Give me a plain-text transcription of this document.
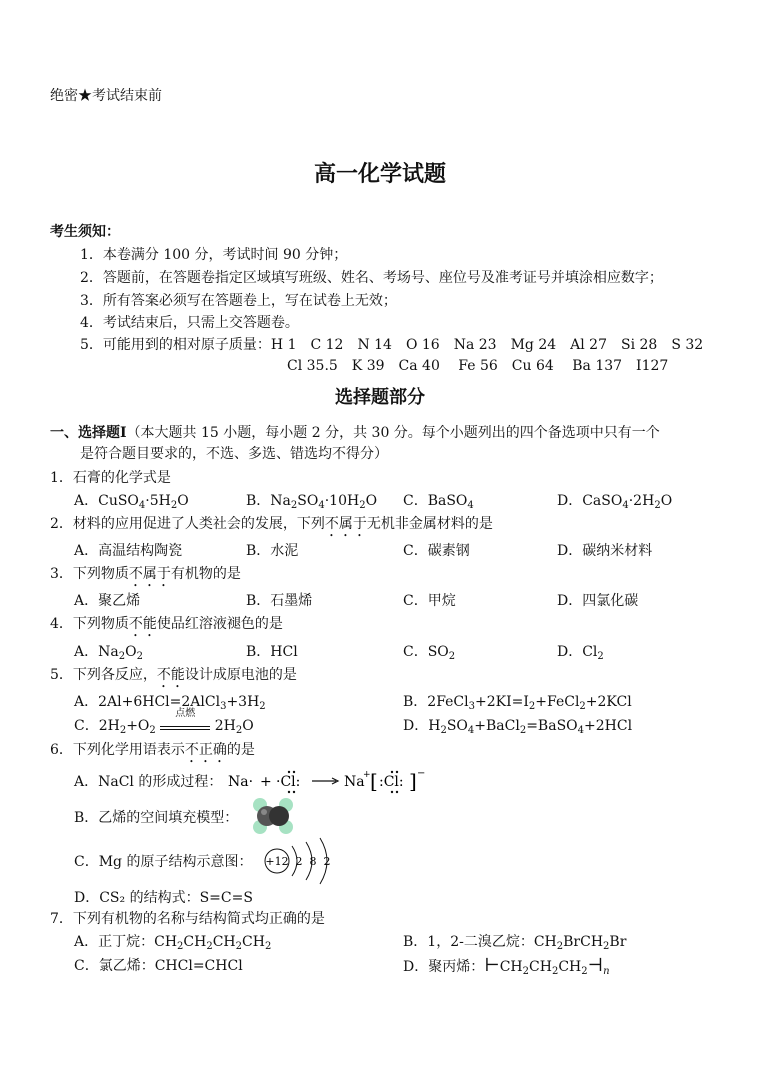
绝密★考试结束前
高一化学试题
考生须知：
1．本卷满分 100 分，考试时间 90 分钟；
2．答题前，在答题卷指定区域填写班级、姓名、考场号、座位号及准考证号并填涂相应数字；
3．所有答案必须写在答题卷上，写在试卷上无效；
4．考试结束后，只需上交答题卷。
5．可能用到的相对原子质量：H 1　C 12　N 14　O 16　Na 23　Mg 24　Al 27　Si 28　S 32
Cl 35.5　K 39　Ca 40　 Fe 56　Cu 64　 Ba 137　I127
选择题部分
一、选择题Ⅰ（本大题共 15 小题，每小题 2 分，共 30 分。每个小题列出的四个备选项中只有一个
是符合题目要求的，不选、多选、错选均不得分）
1．石膏的化学式是
A．$CuSO_4\cdot 5H_2O$	B．$Na_2SO_4\cdot 10H_2O$ C．BaSO$_4$	D．$CaSO_4\cdot 2H_2O$
2．材料的应用促进了人类社会的发展，下列不属于无机非金属材料的是
A．高温结构陶瓷	B．水泥	C．碳素钢	D．碳纳米材料
3．下列物质不属于有机物的是
A．聚乙烯	B．石墨烯	C．甲烷	D．四氯化碳
4．下列物质不能使品红溶液褪色的是
A．$Na_2O_2$	B．HCl	C．$SO_2$	D．$Cl_2$
5．下列各反应，不能设计成原电池的是
A．$2Al+6HCl=2AlCl_3+3H_2$	B．$2FeCl_3+2KI=I_2+FeCl_2+2KCl$
C．$2H_2+O_2$
点燃
$2H_2O$	D．$H_2SO_4+BaCl_2=BaSO_4+2HCl$
6．下列化学用语表示不正确的是
A．NaCl 的形成过程： Na· + ·Cl:	Na
+ [ :Cl: ] −
B．乙烯的空间填充模型：
C．Mg 的原子结构示意图： +12 2 8 2
D．CS₂ 的结构式：S=C=S
7．下列有机物的名称与结构简式均正确的是
A．正丁烷：$CH_2CH_2CH_2CH_2$	B．1，2-二溴乙烷：$CH_2BrCH_2Br$
C．氯乙烯：CHCl=CHCl	D．聚丙烯：$⊢CH_2CH_2CH_2⊣_n$
